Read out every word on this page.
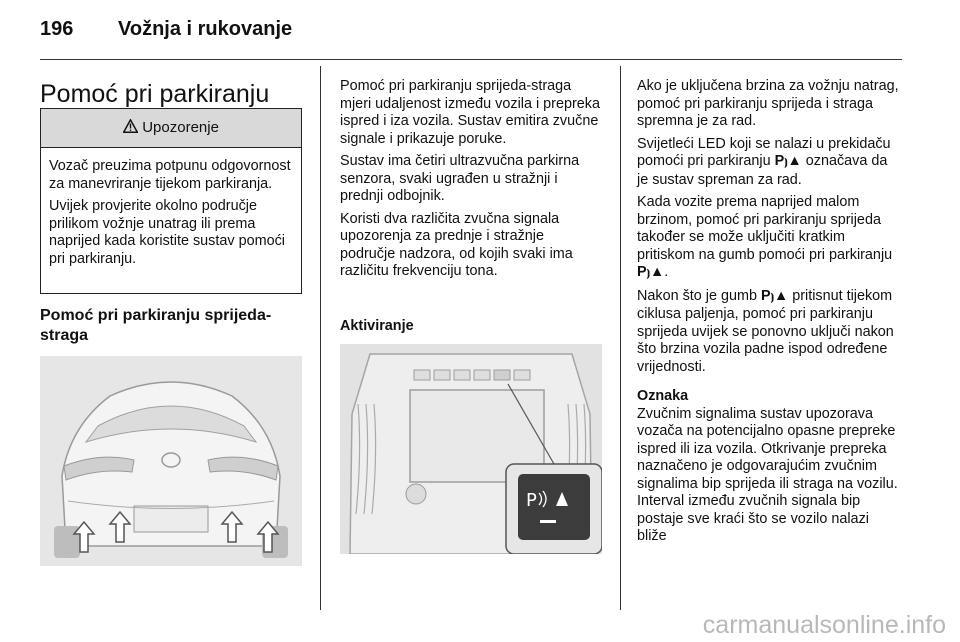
196 Vožnja i rukovanje
Pomoć pri parkiranju
Upozorenje

Vozač preuzima potpunu odgovornost za manevriranje tijekom parkiranja.

Uvijek provjerite okolno područje prilikom vožnje unatrag ili prema naprijed kada koristite sustav pomoći pri parkiranju.

Pomoć pri parkiranju sprijeda-straga

Pomoć pri parkiranju sprijeda-straga mjeri udaljenost između vozila i prepreka ispred i iza vozila. Sustav emitira zvučne signale i prikazuje poruke.

Sustav ima četiri ultrazvučna parkirna senzora, svaki ugrađen u stražnji i prednji odbojnik.

Koristi dva različita zvučna signala upozorenja za prednje i stražnje područje nadzora, od kojih svaki ima različitu frekvenciju tona.

Aktiviranje
P

Ako je uključena brzina za vožnju natrag, pomoć pri parkiranju sprijeda i straga spremna je za rad.

Svijetleći LED koji se nalazi u prekidaču pomoći pri parkiranju P⦘▲ označava da je sustav spreman za rad.

Kada vozite prema naprijed malom brzinom, pomoć pri parkiranju sprijeda također se može uključiti kratkim pritiskom na gumb pomoći pri parkiranju P⦘▲.

Nakon što je gumb P⦘▲ pritisnut tijekom ciklusa paljenja, pomoć pri parkiranju sprijeda uvijek se ponovno uključi nakon što brzina vozila padne ispod određene vrijednosti.

Oznaka

Zvučnim signalima sustav upozorava vozača na potencijalno opasne prepreke ispred ili iza vozila. Otkrivanje prepreka naznačeno je odgovarajućim zvučnim signalima bip sprijeda ili straga na vozilu. Interval između zvučnih signala bip postaje sve kraći što se vozilo nalazi bliže

carmanualsonline.info
